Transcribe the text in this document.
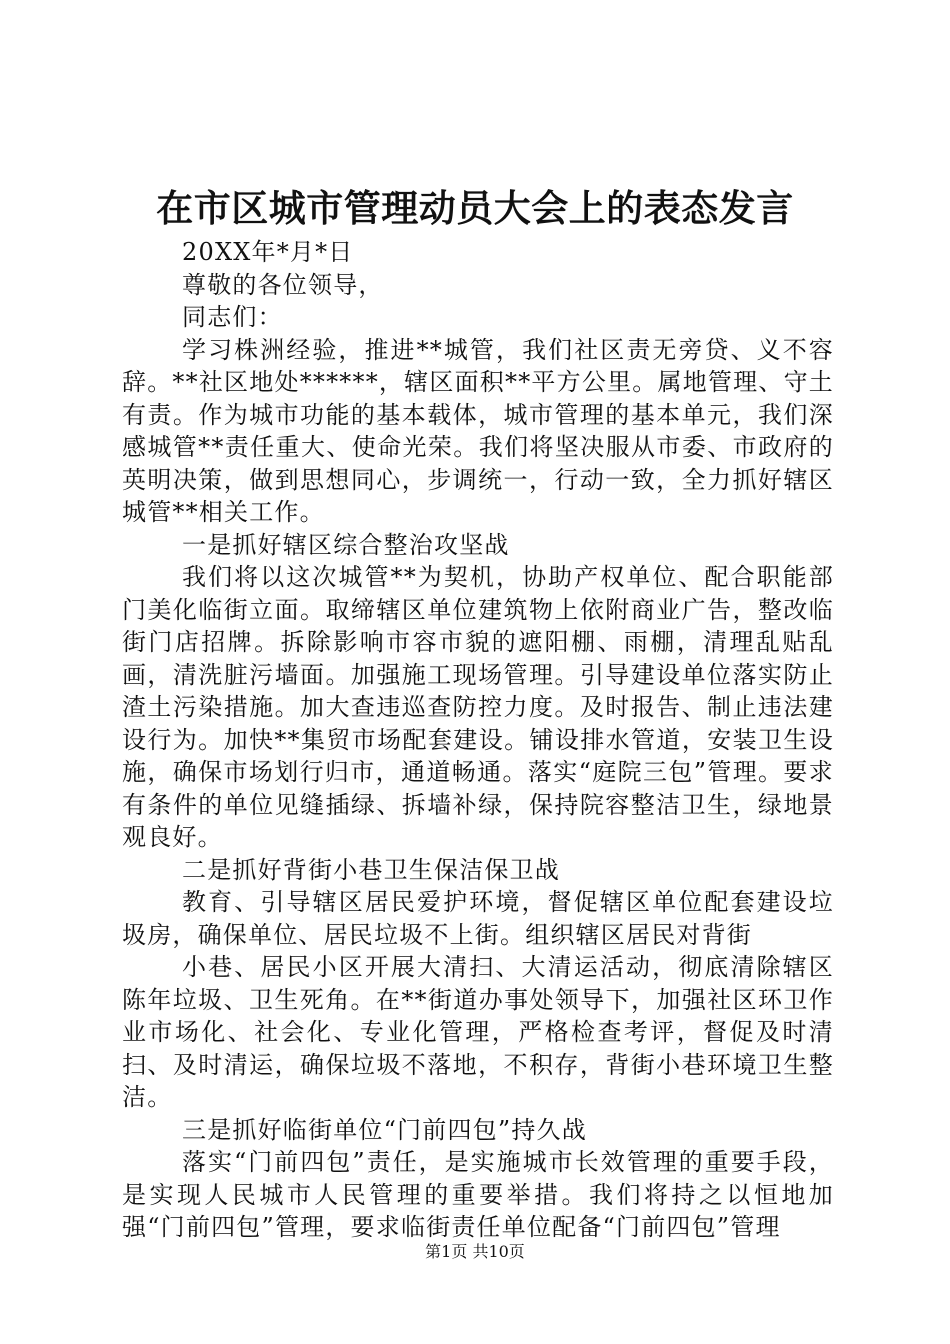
在市区城市管理动员大会上的表态发言

20XX年*月*日

尊敬的各位领导，

同志们：

学习株洲经验，推进**城管，我们社区责无旁贷、义不容辞。**社区地处******，辖区面积**平方公里。属地管理、守土有责。作为城市功能的基本载体，城市管理的基本单元，我们深感城管**责任重大、使命光荣。我们将坚决服从市委、市政府的英明决策，做到思想同心，步调统一，行动一致，全力抓好辖区城管**相关工作。

一是抓好辖区综合整治攻坚战

我们将以这次城管**为契机，协助产权单位、配合职能部门美化临街立面。取缔辖区单位建筑物上依附商业广告，整改临街门店招牌。拆除影响市容市貌的遮阳棚、雨棚，清理乱贴乱画，清洗脏污墙面。加强施工现场管理。引导建设单位落实防止渣土污染措施。加大查违巡查防控力度。及时报告、制止违法建设行为。加快**集贸市场配套建设。铺设排水管道，安装卫生设施，确保市场划行归市，通道畅通。落实“庭院三包”管理。要求有条件的单位见缝插绿、拆墙补绿，保持院容整洁卫生，绿地景观良好。

二是抓好背街小巷卫生保洁保卫战

教育、引导辖区居民爱护环境，督促辖区单位配套建设垃圾房，确保单位、居民垃圾不上街。组织辖区居民对背街

小巷、居民小区开展大清扫、大清运活动，彻底清除辖区陈年垃圾、卫生死角。在**街道办事处领导下，加强社区环卫作业市场化、社会化、专业化管理，严格检查考评，督促及时清扫、及时清运，确保垃圾不落地，不积存，背街小巷环境卫生整洁。

三是抓好临街单位“门前四包”持久战

落实“门前四包”责任，是实施城市长效管理的重要手段，是实现人民城市人民管理的重要举措。我们将持之以恒地加强“门前四包”管理，要求临街责任单位配备“门前四包”管理

第1页 共10页
